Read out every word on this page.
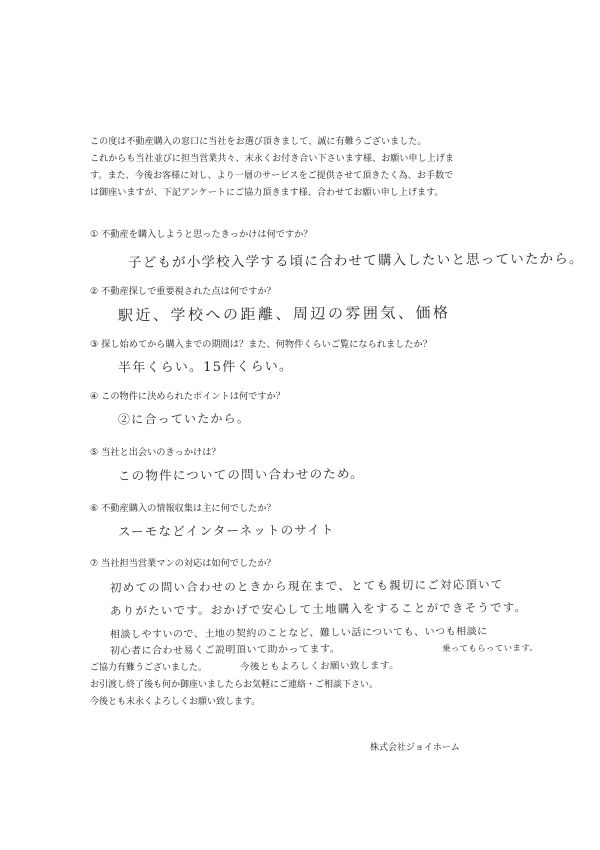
この度は不動産購入の窓口に当社をお選び頂きまして、誠に有難うございました。

これからも当社並びに担当営業共々、末永くお付き合い下さいます様、お願い申し上げま

す。また、今後お客様に対し、より一層のサービスをご提供させて頂きたく為、お手数で

は御座いますが、下記アンケートにご協力頂きます様、合わせてお願い申し上げます。

① 不動産を購入しようと思ったきっかけは何ですか？
子どもが小学校入学する頃に合わせて購入したいと思っていたから。
② 不動産探しで重要視された点は何ですか？
駅近、学校への距離、周辺の雰囲気、価格
③ 探し始めてから購入までの期間は？また、何物件くらいご覧になられましたか？
半年くらい。15件くらい。
④ この物件に決められたポイントは何ですか？
②に合っていたから。
⑤ 当社と出会いのきっかけは？
この物件についての問い合わせのため。
⑥ 不動産購入の情報収集は主に何でしたか？
スーモなどインターネットのサイト
⑦ 当社担当営業マンの対応は如何でしたか？
初めての問い合わせのときから現在まで、とても親切にご対応頂いて
ありがたいです。おかげで安心して土地購入をすることができそうです。
相談しやすいので、土地の契約のことなど、難しい話についても、いつも相談に
乗ってもらっています。
初心者に合わせ易くご説明頂いて助かってます。
今後ともよろしくお願い致します。

ご協力有難うございました。

お引渡し終了後も何か御座いましたらお気軽にご連絡・ご相談下さい。

今後とも末永くよろしくお願い致します。

株式会社ジョイホーム
